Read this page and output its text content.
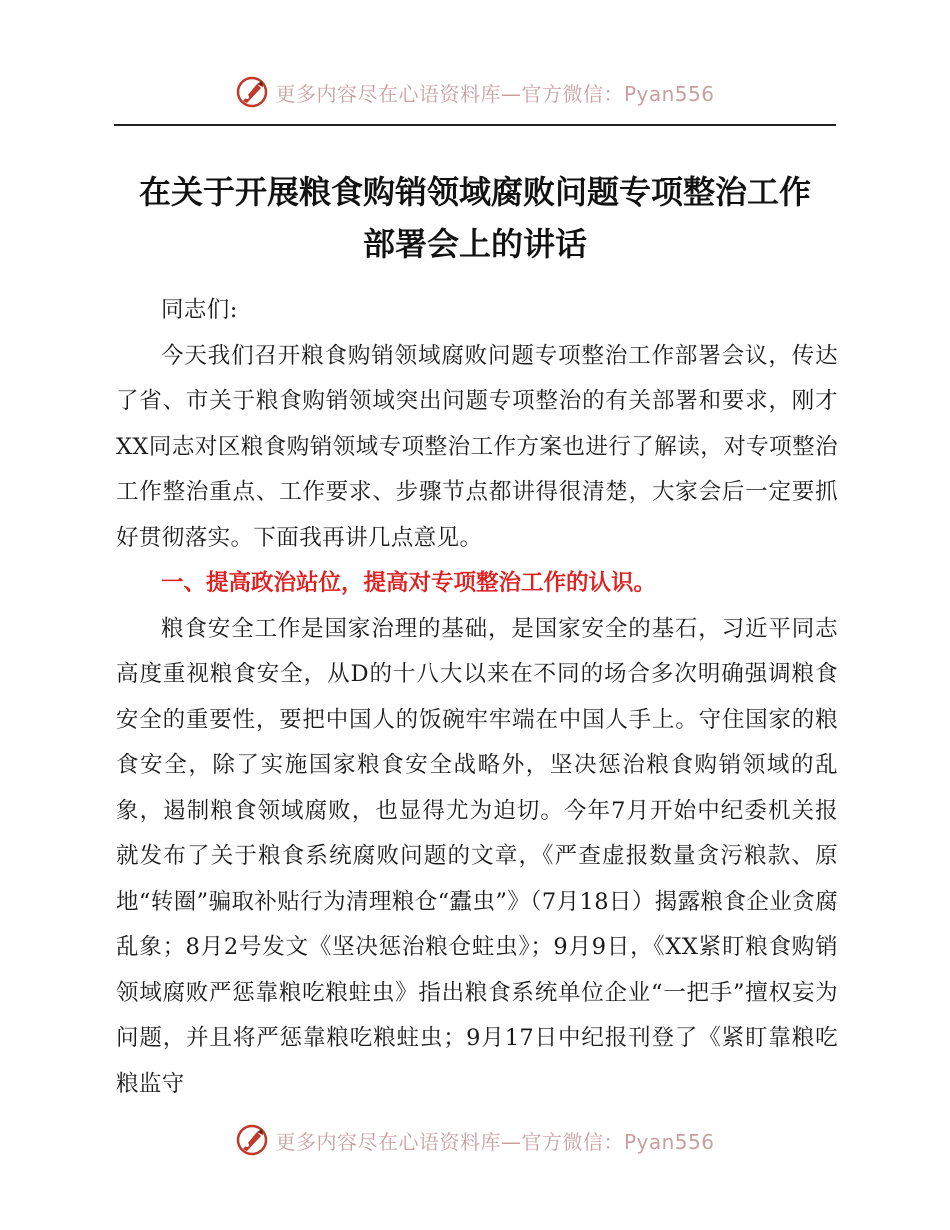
更多内容尽在心语资料库—官方微信：Pyan556
在关于开展粮食购销领域腐败问题专项整治工作
部署会上的讲话

同志们:

今天我们召开粮食购销领域腐败问题专项整治工作部署会议，传达了省、市关于粮食购销领域突出问题专项整治的有关部署和要求，刚才XX同志对区粮食购销领域专项整治工作方案也进行了解读，对专项整治工作整治重点、工作要求、步骤节点都讲得很清楚，大家会后一定要抓好贯彻落实。下面我再讲几点意见。

一、提高政治站位，提高对专项整治工作的认识。

粮食安全工作是国家治理的基础，是国家安全的基石，习近平同志高度重视粮食安全，从D的十八大以来在不同的场合多次明确强调粮食安全的重要性，要把中国人的饭碗牢牢端在中国人手上。守住国家的粮食安全，除了实施国家粮食安全战略外，坚决惩治粮食购销领域的乱象，遏制粮食领域腐败，也显得尤为迫切。今年7月开始中纪委机关报就发布了关于粮食系统腐败问题的文章，《严查虚报数量贪污粮款、原地“转圈”骗取补贴行为清理粮仓“蠹虫”》（7月18日）揭露粮食企业贪腐乱象；8月2号发文《坚决惩治粮仓蛀虫》；9月9日，《XX紧盯粮食购销领域腐败严惩靠粮吃粮蛀虫》指出粮食系统单位企业“一把手”擅权妄为问题，并且将严惩靠粮吃粮蛀虫；9月17日中纪报刊登了《紧盯靠粮吃粮监守

更多内容尽在心语资料库—官方微信：Pyan556
